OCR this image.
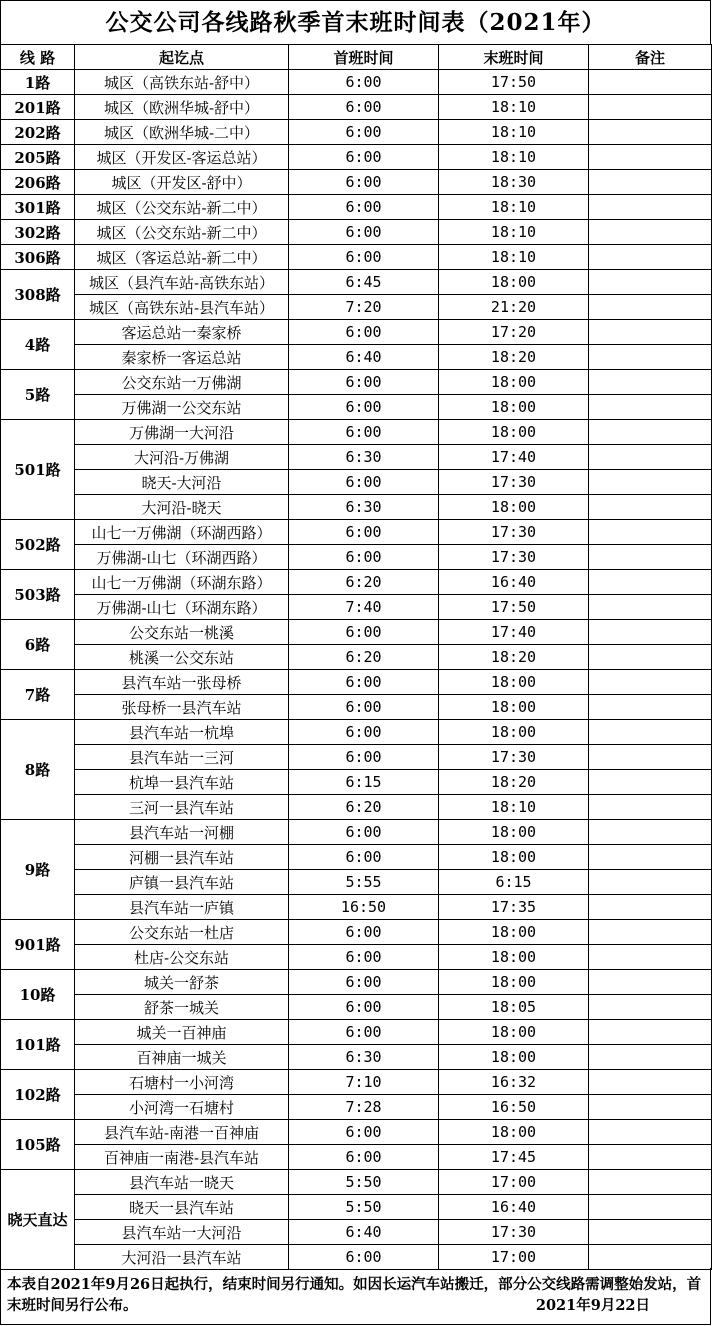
公交公司各线路秋季首末班时间表（2021年）
线 路	起讫点	首班时间	末班时间	备注
1路	城区（高铁东站-舒中）	6:00	17:50	
201路	城区（欧洲华城-舒中）	6:00	18:10	
202路	城区（欧洲华城-二中）	6:00	18:10	
205路	城区（开发区-客运总站）	6:00	18:10	
206路	城区（开发区-舒中）	6:00	18:30	
301路	城区（公交东站-新二中）	6:00	18:10	
302路	城区（公交东站-新二中）	6:00	18:10	
306路	城区（客运总站-新二中）	6:00	18:10	
308路	城区（县汽车站-高铁东站）	6:45	18:00	
	城区（高铁东站-县汽车站）	7:20	21:20	
4路	客运总站一秦家桥	6:00	17:20	
	秦家桥一客运总站	6:40	18:20	
5路	公交东站一万佛湖	6:00	18:00	
	万佛湖一公交东站	6:00	18:00	
501路	万佛湖一大河沿	6:00	18:00	
	大河沿-万佛湖	6:30	17:40	
	晓天-大河沿	6:00	17:30	
	大河沿-晓天	6:30	18:00	
502路	山七一万佛湖（环湖西路）	6:00	17:30	
	万佛湖-山七（环湖西路）	6:00	17:30	
503路	山七一万佛湖（环湖东路）	6:20	16:40	
	万佛湖-山七（环湖东路）	7:40	17:50	
6路	公交东站一桃溪	6:00	17:40	
	桃溪一公交东站	6:20	18:20	
7路	县汽车站一张母桥	6:00	18:00	
	张母桥一县汽车站	6:00	18:00	
8路	县汽车站一杭埠	6:00	18:00	
	县汽车站一三河	6:00	17:30	
	杭埠一县汽车站	6:15	18:20	
	三河一县汽车站	6:20	18:10	
9路	县汽车站一河棚	6:00	18:00	
	河棚一县汽车站	6:00	18:00	
	庐镇一县汽车站	5:55	6:15	
	县汽车站一庐镇	16:50	17:35	
901路	公交东站一杜店	6:00	18:00	
	杜店-公交东站	6:00	18:00	
10路	城关一舒茶	6:00	18:00	
	舒茶一城关	6:00	18:05	
101路	城关一百神庙	6:00	18:00	
	百神庙一城关	6:30	18:00	
102路	石塘村一小河湾	7:10	16:32	
	小河湾一石塘村	7:28	16:50	
105路	县汽车站-南港一百神庙	6:00	18:00	
	百神庙一南港-县汽车站	6:00	17:45	
晓天直达	县汽车站一晓天	5:50	17:00	
	晓天一县汽车站	5:50	16:40	
	县汽车站一大河沿	6:40	17:30	
	大河沿一县汽车站	6:00	17:00	
本表自2021年9月26日起执行，结束时间另行通知。如因长运汽车站搬迁，部分公交线路需调整始发站，首末班时间另行公布。	2021年9月22日
